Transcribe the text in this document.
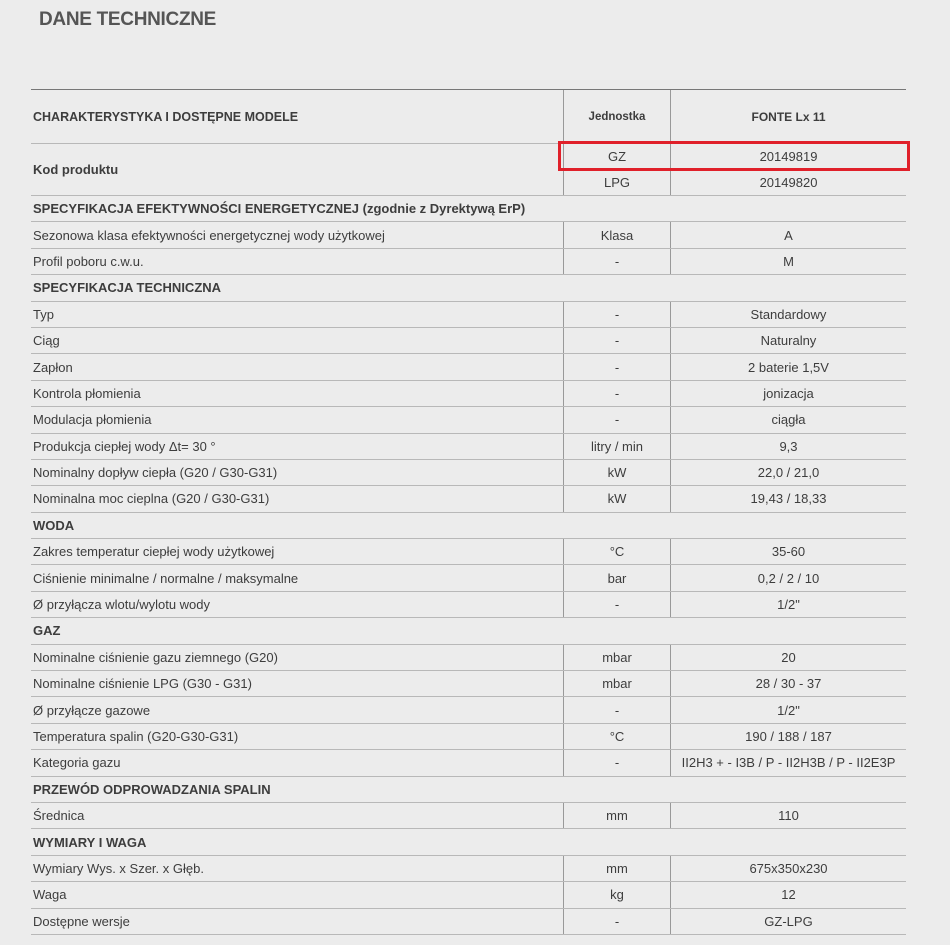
DANE TECHNICZNE
CHARAKTERYSTYKA I DOSTĘPNE MODELE	Jednostka	FONTE Lx 11
Kod produktu
GZ	20149819
LPG	20149820
SPECYFIKACJA EFEKTYWNOŚCI ENERGETYCZNEJ (zgodnie z Dyrektywą ErP)
Sezonowa klasa efektywności energetycznej wody użytkowej	Klasa	A
Profil poboru c.w.u.	-	M
SPECYFIKACJA TECHNICZNA
Typ	-	Standardowy
Ciąg	-	Naturalny
Zapłon	-	2 baterie 1,5V
Kontrola płomienia	-	jonizacja
Modulacja płomienia	-	ciągła
Produkcja ciepłej wody Δt= 30 °	litry / min	9,3
Nominalny dopływ ciepła (G20 / G30-G31)	kW	22,0 / 21,0
Nominalna moc cieplna (G20 / G30-G31)	kW	19,43 / 18,33
WODA
Zakres temperatur ciepłej wody użytkowej	°C	35-60
Ciśnienie minimalne / normalne / maksymalne	bar	0,2 / 2 / 10
Ø przyłącza wlotu/wylotu wody	-	1/2"
GAZ
Nominalne ciśnienie gazu ziemnego (G20)	mbar	20
Nominalne ciśnienie LPG (G30 - G31)	mbar	28 / 30 - 37
Ø przyłącze gazowe	-	1/2"
Temperatura spalin (G20-G30-G31)	°C	190 / 188 / 187
Kategoria gazu	-	II2H3 + - I3B / P - II2H3B / P - II2E3P
PRZEWÓD ODPROWADZANIA SPALIN
Średnica	mm	110
WYMIARY I WAGA
Wymiary Wys. x Szer. x Głęb.	mm	675x350x230
Waga	kg	12
Dostępne wersje	-	GZ-LPG
